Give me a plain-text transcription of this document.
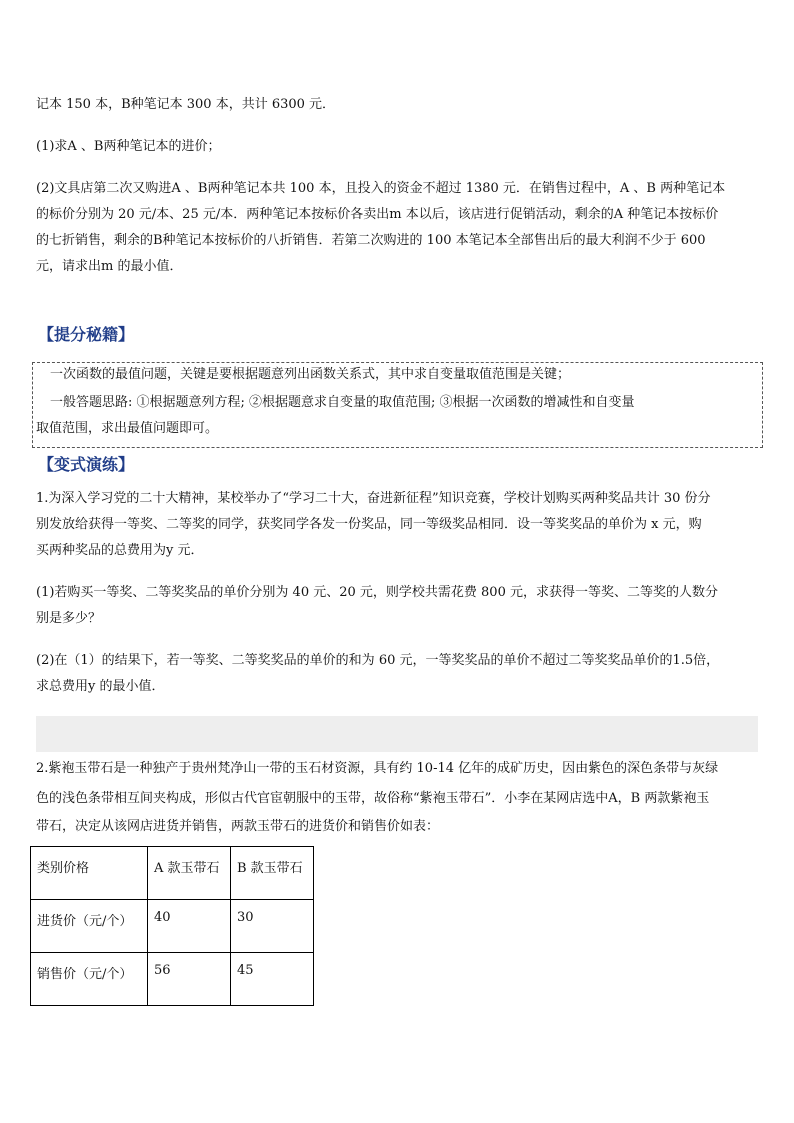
记本 150 本，B种笔记本 300 本，共计 6300 元．
(1)求A 、B两种笔记本的进价；
(2)文具店第二次又购进A 、B两种笔记本共 100 本，且投入的资金不超过 1380 元．在销售过程中，A 、B 两种笔记本
的标价分别为 20 元/本、25 元/本．两种笔记本按标价各卖出m 本以后，该店进行促销活动，剩余的A 种笔记本按标价
的七折销售，剩余的B种笔记本按标价的八折销售．若第二次购进的 100 本笔记本全部售出后的最大利润不少于 600
元，请求出m 的最小值．
【提分秘籍】
一次函数的最值问题，关键是要根据题意列出函数关系式，其中求自变量取值范围是关键；
一般答题思路: ①根据题意列方程; ②根据题意求自变量的取值范围; ③根据一次函数的增减性和自变量
取值范围，求出最值问题即可。
【变式演练】
1.为深入学习党的二十大精神，某校举办了“学习二十大，奋进新征程”知识竞赛，学校计划购买两种奖品共计 30 份分
别发放给获得一等奖、二等奖的同学，获奖同学各发一份奖品，同一等级奖品相同．设一等奖奖品的单价为 x 元，购
买两种奖品的总费用为y 元．
(1)若购买一等奖、二等奖奖品的单价分别为 40 元、20 元，则学校共需花费 800 元，求获得一等奖、二等奖的人数分
别是多少？
(2)在（1）的结果下，若一等奖、二等奖奖品的单价的和为 60 元，一等奖奖品的单价不超过二等奖奖品单价的1.5倍，
求总费用y 的最小值．
2.紫袍玉带石是一种独产于贵州梵净山一带的玉石材资源，具有约 10-14 亿年的成矿历史，因由紫色的深色条带与灰绿
色的浅色条带相互间夹构成，形似古代官宦朝服中的玉带，故俗称“紫袍玉带石”．小李在某网店选中A，B 两款紫袍玉
带石，决定从该网店进货并销售，两款玉带石的进货价和销售价如表：
类别价格	A 款玉带石	B 款玉带石
进货价（元/个）	40	30
销售价（元/个）	56	45
